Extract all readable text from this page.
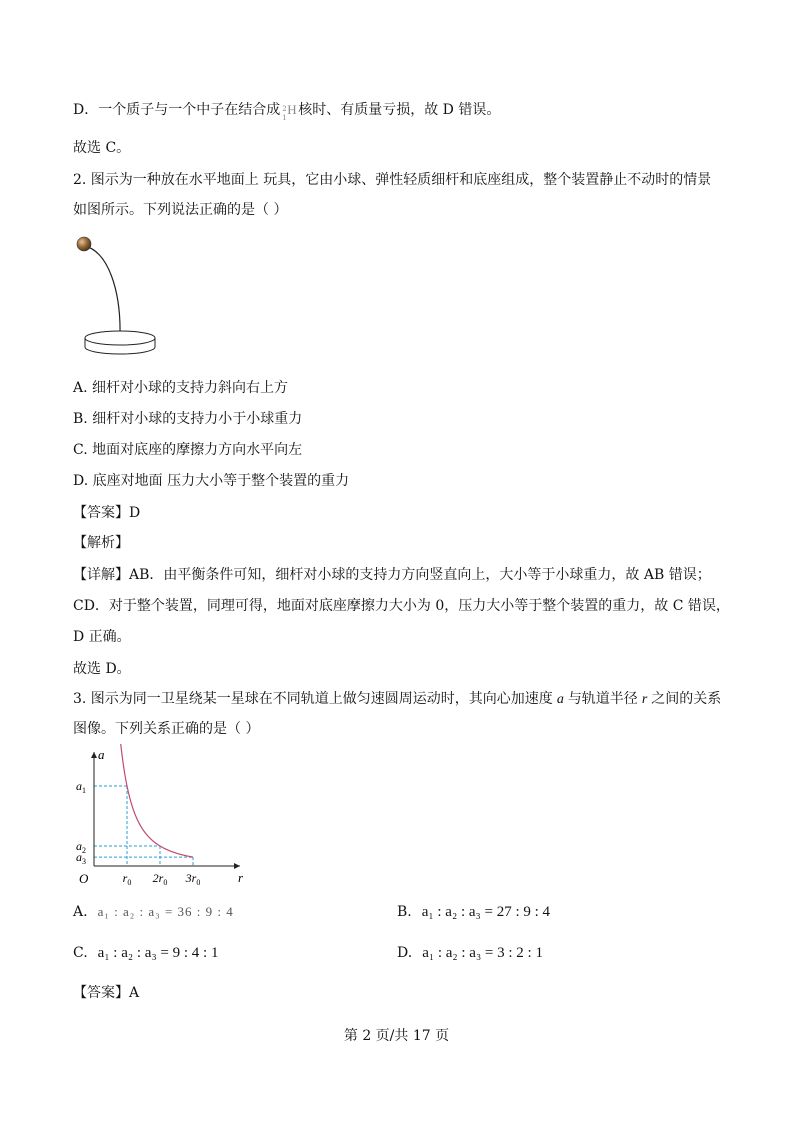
D．一个质子与一个中子在结合成 2
1
H 核时、有质量亏损，故 D 错误。
故选 C。
2. 图示为一种放在水平地面上 玩具，它由小球、弹性轻质细杆和底座组成，整个装置静止不动时的情景
如图所示。下列说法正确的是（ ）
A. 细杆对小球的支持力斜向右上方
B. 细杆对小球的支持力小于小球重力
C. 地面对底座的摩擦力方向水平向左
D. 底座对地面 压力大小等于整个装置的重力
【答案】D
【解析】
【详解】AB．由平衡条件可知，细杆对小球的支持力方向竖直向上，大小等于小球重力，故 AB 错误；
CD．对于整个装置，同理可得，地面对底座摩擦力大小为 0，压力大小等于整个装置的重力，故 C 错误，
D 正确。
故选 D。
3. 图示为同一卫星绕某一星球在不同轨道上做匀速圆周运动时，其向心加速度 a 与轨道半径 r 之间的关系
图像。下列关系正确的是（ ）
a
r
O
$a_1$
$a_2$
$a_3$
$r_0$ $2r_0$ $3r_0$
A. a₁ : a₂ : a₃ = 36 : 9 : 4	B. a₁ : a₂ : a₃ = 27 : 9 : 4
C. a₁ : a₂ : a₃ = 9 : 4 : 1	D. a₁ : a₂ : a₃ = 3 : 2 : 1
【答案】A
第 2 页/共 17 页
